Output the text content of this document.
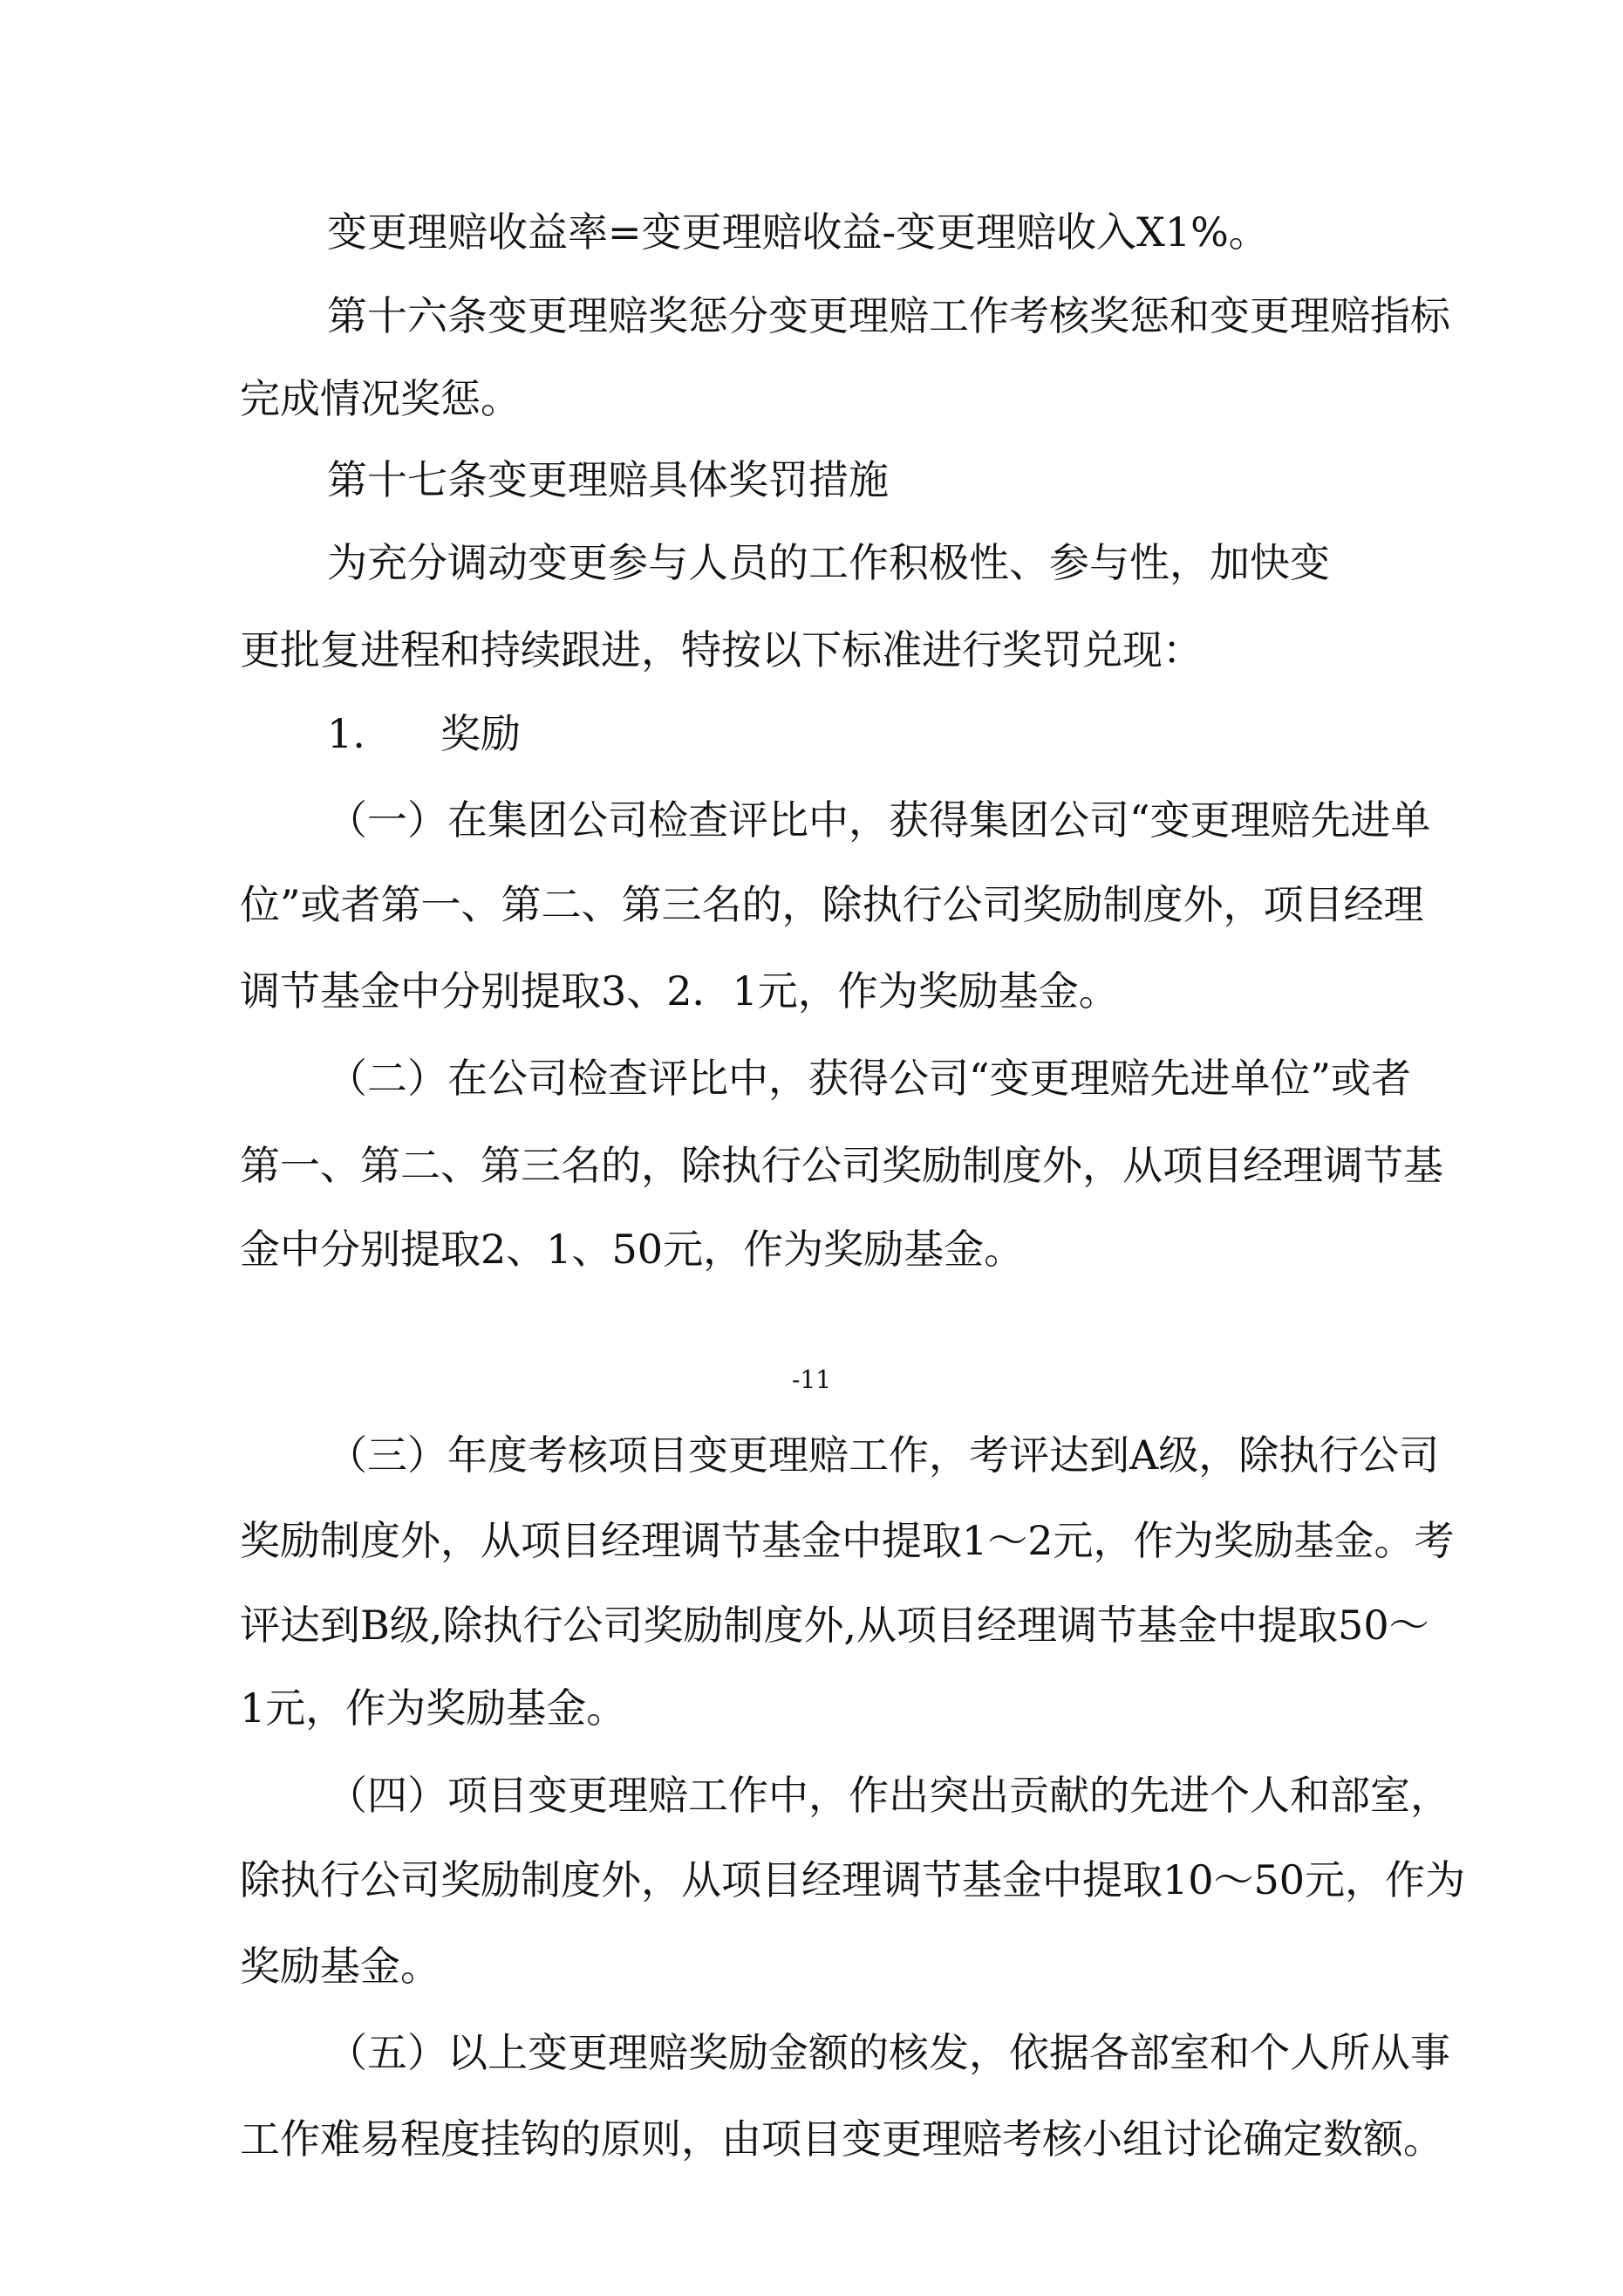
变更理赔收益率=变更理赔收益-变更理赔收入X1%。
第十六条变更理赔奖惩分变更理赔工作考核奖惩和变更理赔指标
完成情况奖惩。
第十七条变更理赔具体奖罚措施
为充分调动变更参与人员的工作积极性、参与性，加快变
更批复进程和持续跟进，特按以下标准进行奖罚兑现：
1. 奖励
（一）在集团公司检查评比中，获得集团公司“变更理赔先进单
位”或者第一、第二、第三名的，除执行公司奖励制度外，项目经理
调节基金中分别提取3、2．1元，作为奖励基金。
（二）在公司检查评比中，获得公司“变更理赔先进单位”或者
第一、第二、第三名的，除执行公司奖励制度外，从项目经理调节基
金中分别提取2、1、50元，作为奖励基金。
-11
（三）年度考核项目变更理赔工作，考评达到A级，除执行公司
奖励制度外，从项目经理调节基金中提取1〜2元，作为奖励基金。考
评达到B级,除执行公司奖励制度外,从项目经理调节基金中提取50〜
1元，作为奖励基金。
（四）项目变更理赔工作中，作出突出贡献的先进个人和部室，
除执行公司奖励制度外，从项目经理调节基金中提取10〜50元，作为
奖励基金。
（五）以上变更理赔奖励金额的核发，依据各部室和个人所从事
工作难易程度挂钩的原则，由项目变更理赔考核小组讨论确定数额。
